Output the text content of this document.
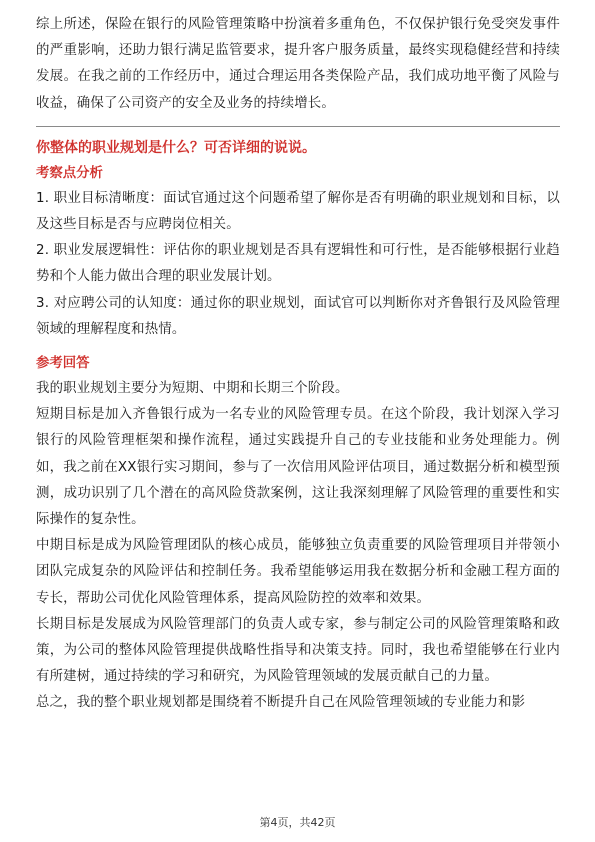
综上所述，保险在银行的风险管理策略中扮演着多重角色，不仅保护银行免受突发事件的严重影响，还助力银行满足监管要求，提升客户服务质量，最终实现稳健经营和持续发展。在我之前的工作经历中，通过合理运用各类保险产品，我们成功地平衡了风险与收益，确保了公司资产的安全及业务的持续增长。

你整体的职业规划是什么？可否详细的说说。

考察点分析

1. 职业目标清晰度：面试官通过这个问题希望了解你是否有明确的职业规划和目标，以及这些目标是否与应聘岗位相关。

2. 职业发展逻辑性：评估你的职业规划是否具有逻辑性和可行性，是否能够根据行业趋势和个人能力做出合理的职业发展计划。

3. 对应聘公司的认知度：通过你的职业规划，面试官可以判断你对齐鲁银行及风险管理领域的理解程度和热情。

参考回答

我的职业规划主要分为短期、中期和长期三个阶段。

短期目标是加入齐鲁银行成为一名专业的风险管理专员。在这个阶段，我计划深入学习银行的风险管理框架和操作流程，通过实践提升自己的专业技能和业务处理能力。例如，我之前在XX银行实习期间，参与了一次信用风险评估项目，通过数据分析和模型预测，成功识别了几个潜在的高风险贷款案例，这让我深刻理解了风险管理的重要性和实际操作的复杂性。

中期目标是成为风险管理团队的核心成员，能够独立负责重要的风险管理项目并带领小团队完成复杂的风险评估和控制任务。我希望能够运用我在数据分析和金融工程方面的专长，帮助公司优化风险管理体系，提高风险防控的效率和效果。

长期目标是发展成为风险管理部门的负责人或专家，参与制定公司的风险管理策略和政策，为公司的整体风险管理提供战略性指导和决策支持。同时，我也希望能够在行业内有所建树，通过持续的学习和研究，为风险管理领域的发展贡献自己的力量。

总之，我的整个职业规划都是围绕着不断提升自己在风险管理领域的专业能力和影

第4页，共42页
